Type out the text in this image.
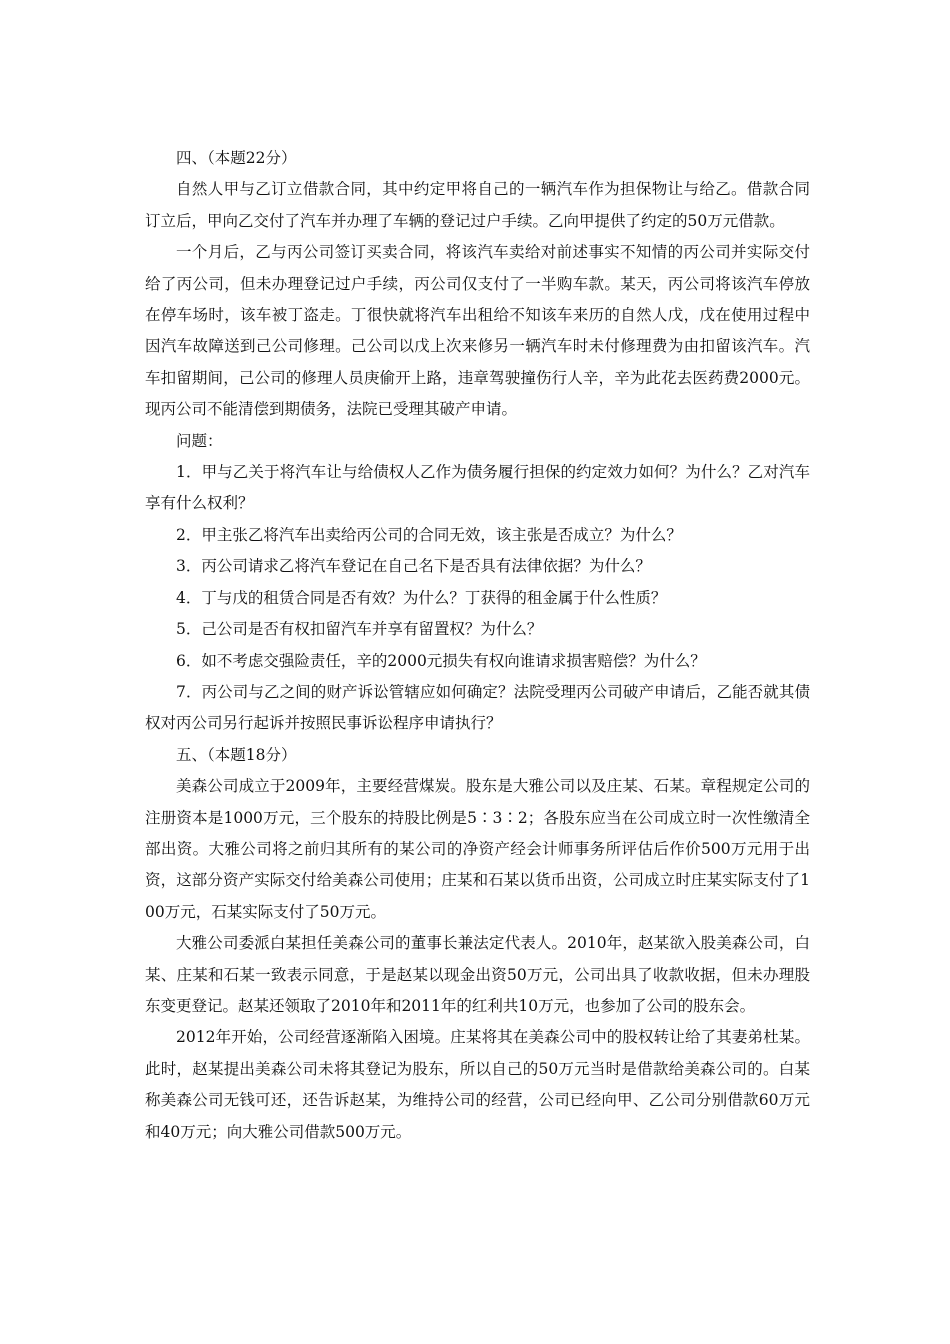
四、（本题22分）

自然人甲与乙订立借款合同，其中约定甲将自己的一辆汽车作为担保物让与给乙。借款合同订立后，甲向乙交付了汽车并办理了车辆的登记过户手续。乙向甲提供了约定的50万元借款。

一个月后，乙与丙公司签订买卖合同，将该汽车卖给对前述事实不知情的丙公司并实际交付给了丙公司，但未办理登记过户手续，丙公司仅支付了一半购车款。某天，丙公司将该汽车停放在停车场时，该车被丁盗走。丁很快就将汽车出租给不知该车来历的自然人戊，戊在使用过程中因汽车故障送到己公司修理。己公司以戊上次来修另一辆汽车时未付修理费为由扣留该汽车。汽车扣留期间，己公司的修理人员庚偷开上路，违章驾驶撞伤行人辛，辛为此花去医药费2000元。现丙公司不能清偿到期债务，法院已受理其破产申请。

问题：

1．甲与乙关于将汽车让与给债权人乙作为债务履行担保的约定效力如何？为什么？乙对汽车享有什么权利？

2．甲主张乙将汽车出卖给丙公司的合同无效，该主张是否成立？为什么？

3．丙公司请求乙将汽车登记在自己名下是否具有法律依据？为什么？

4．丁与戊的租赁合同是否有效？为什么？丁获得的租金属于什么性质？

5．己公司是否有权扣留汽车并享有留置权？为什么？

6．如不考虑交强险责任，辛的2000元损失有权向谁请求损害赔偿？为什么？

7．丙公司与乙之间的财产诉讼管辖应如何确定？法院受理丙公司破产申请后，乙能否就其债权对丙公司另行起诉并按照民事诉讼程序申请执行？

五、（本题18分）

美森公司成立于2009年，主要经营煤炭。股东是大雅公司以及庄某、石某。章程规定公司的注册资本是1000万元，三个股东的持股比例是5∶3∶2；各股东应当在公司成立时一次性缴清全部出资。大雅公司将之前归其所有的某公司的净资产经会计师事务所评估后作价500万元用于出资，这部分资产实际交付给美森公司使用；庄某和石某以货币出资，公司成立时庄某实际支付了100万元，石某实际支付了50万元。

大雅公司委派白某担任美森公司的董事长兼法定代表人。2010年，赵某欲入股美森公司，白某、庄某和石某一致表示同意，于是赵某以现金出资50万元，公司出具了收款收据，但未办理股东变更登记。赵某还领取了2010年和2011年的红利共10万元，也参加了公司的股东会。

2012年开始，公司经营逐渐陷入困境。庄某将其在美森公司中的股权转让给了其妻弟杜某。此时，赵某提出美森公司未将其登记为股东，所以自己的50万元当时是借款给美森公司的。白某称美森公司无钱可还，还告诉赵某，为维持公司的经营，公司已经向甲、乙公司分别借款60万元和40万元；向大雅公司借款500万元。
